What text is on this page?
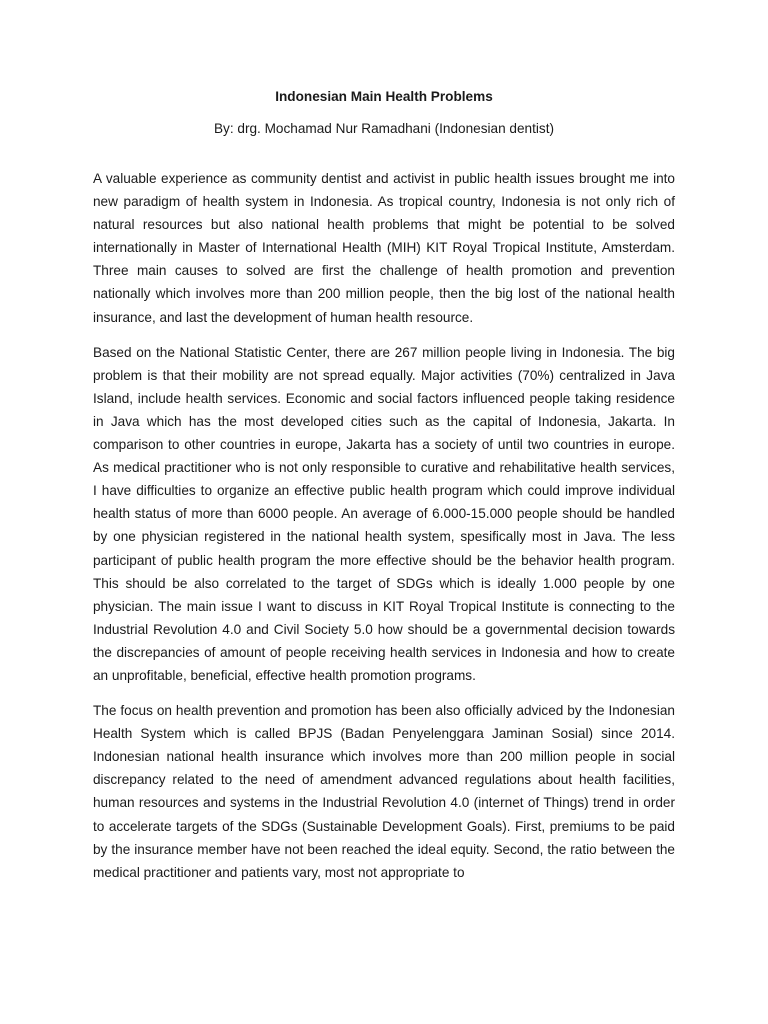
Indonesian Main Health Problems

By: drg. Mochamad Nur Ramadhani (Indonesian dentist)

A valuable experience as community dentist and activist in public health issues brought me into new paradigm of health system in Indonesia. As tropical country, Indonesia is not only rich of natural resources but also national health problems that might be potential to be solved internationally in Master of International Health (MIH) KIT Royal Tropical Institute, Amsterdam. Three main causes to solved are first the challenge of health promotion and prevention nationally which involves more than 200 million people, then the big lost of the national health insurance, and last the development of human health resource.

Based on the National Statistic Center, there are 267 million people living in Indonesia. The big problem is that their mobility are not spread equally. Major activities (70%) centralized in Java Island, include health services. Economic and social factors influenced people taking residence in Java which has the most developed cities such as the capital of Indonesia, Jakarta. In comparison to other countries in europe, Jakarta has a society of until two countries in europe. As medical practitioner who is not only responsible to curative and rehabilitative health services, I have difficulties to organize an effective public health program which could improve individual health status of more than 6000 people. An average of 6.000-15.000 people should be handled by one physician registered in the national health system, spesifically most in Java. The less participant of public health program the more effective should be the behavior health program. This should be also correlated to the target of SDGs which is ideally 1.000 people by one physician. The main issue I want to discuss in KIT Royal Tropical Institute is connecting to the Industrial Revolution 4.0 and Civil Society 5.0 how should be a governmental decision towards the discrepancies of amount of people receiving health services in Indonesia and how to create an unprofitable, beneficial, effective health promotion programs.

The focus on health prevention and promotion has been also officially adviced by the Indonesian Health System which is called BPJS (Badan Penyelenggara Jaminan Sosial) since 2014. Indonesian national health insurance which involves more than 200 million people in social discrepancy related to the need of amendment advanced regulations about health facilities, human resources and systems in the Industrial Revolution 4.0 (internet of Things) trend in order to accelerate targets of the SDGs (Sustainable Development Goals). First, premiums to be paid by the insurance member have not been reached the ideal equity. Second, the ratio between the medical practitioner and patients vary, most not appropriate to
